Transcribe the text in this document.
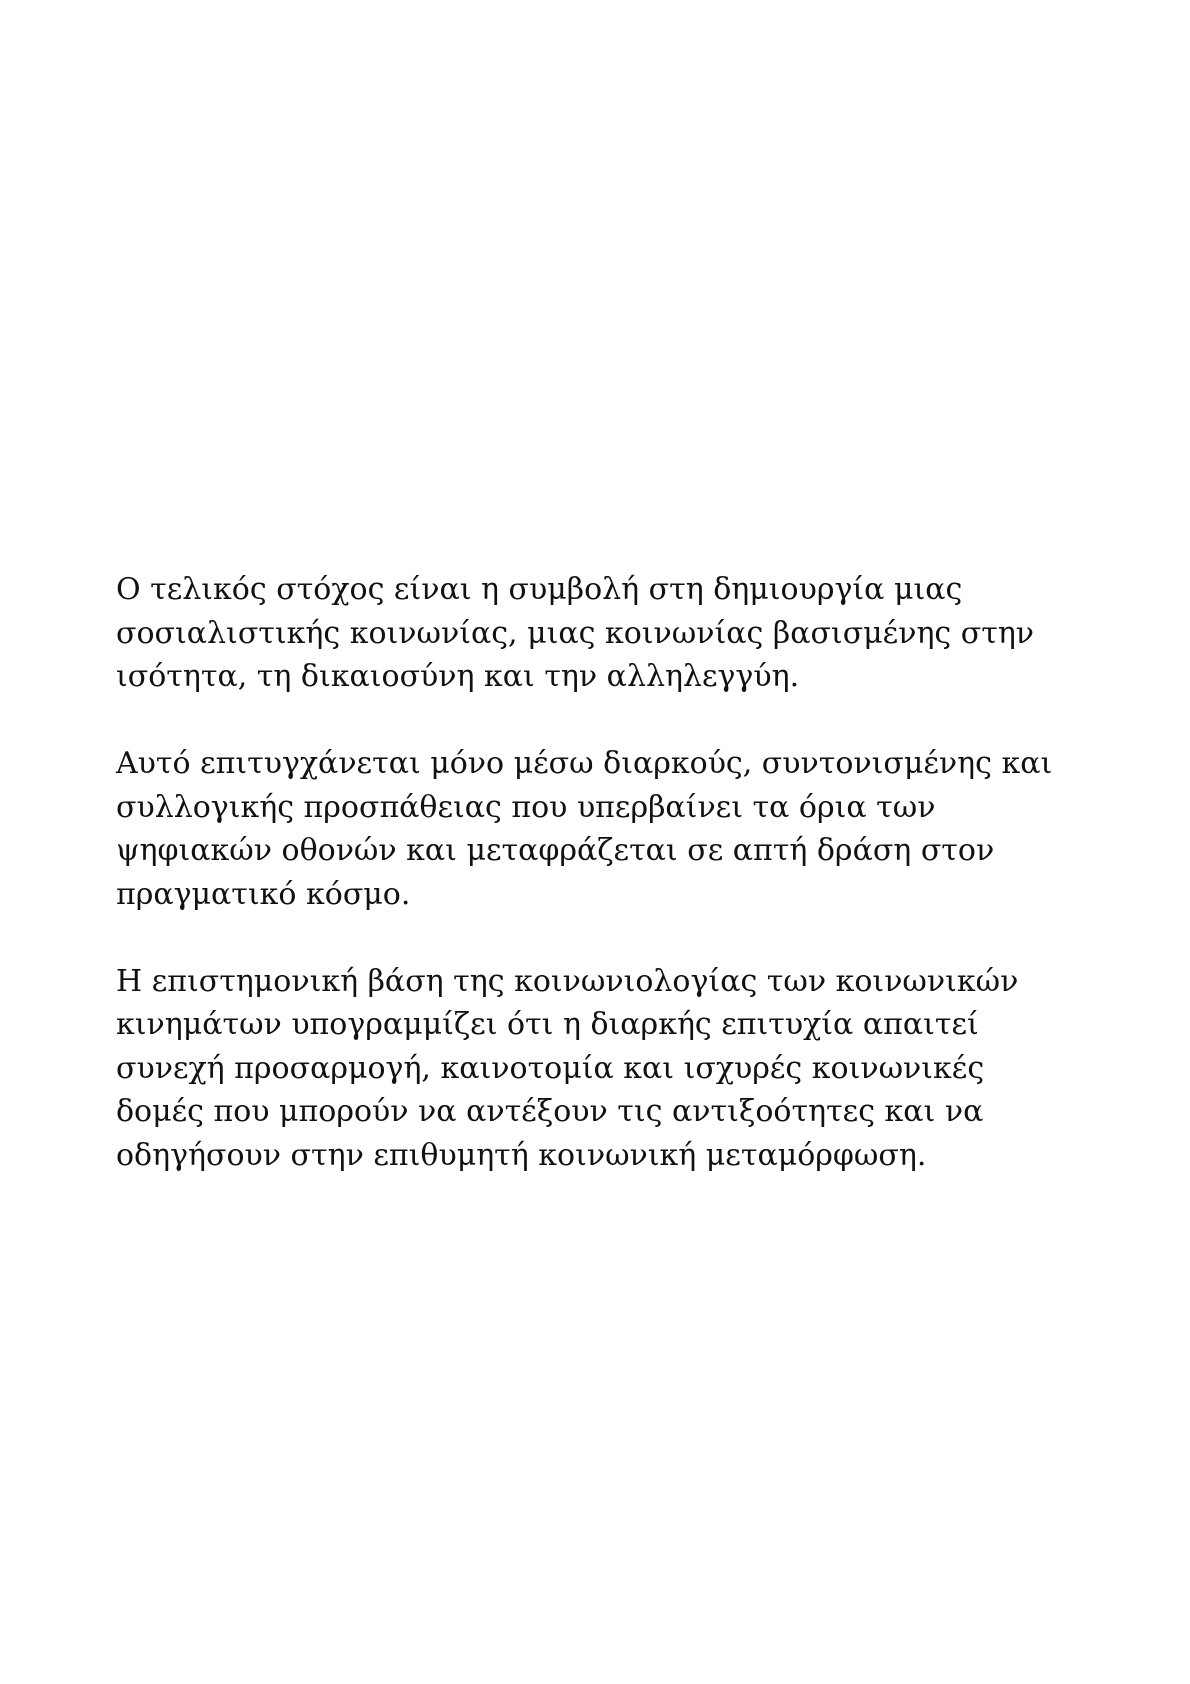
Ο τελικός στόχος είναι η συμβολή στη δημιουργία μιας
σοσιαλιστικής κοινωνίας, μιας κοινωνίας βασισμένης στην
ισότητα, τη δικαιοσύνη και την αλληλεγγύη.

Αυτό επιτυγχάνεται μόνο μέσω διαρκούς, συντονισμένης και
συλλογικής προσπάθειας που υπερβαίνει τα όρια των
ψηφιακών οθονών και μεταφράζεται σε απτή δράση στον
πραγματικό κόσμο.

Η επιστημονική βάση της κοινωνιολογίας των κοινωνικών
κινημάτων υπογραμμίζει ότι η διαρκής επιτυχία απαιτεί
συνεχή προσαρμογή, καινοτομία και ισχυρές κοινωνικές
δομές που μπορούν να αντέξουν τις αντιξοότητες και να
οδηγήσουν στην επιθυμητή κοινωνική μεταμόρφωση.
